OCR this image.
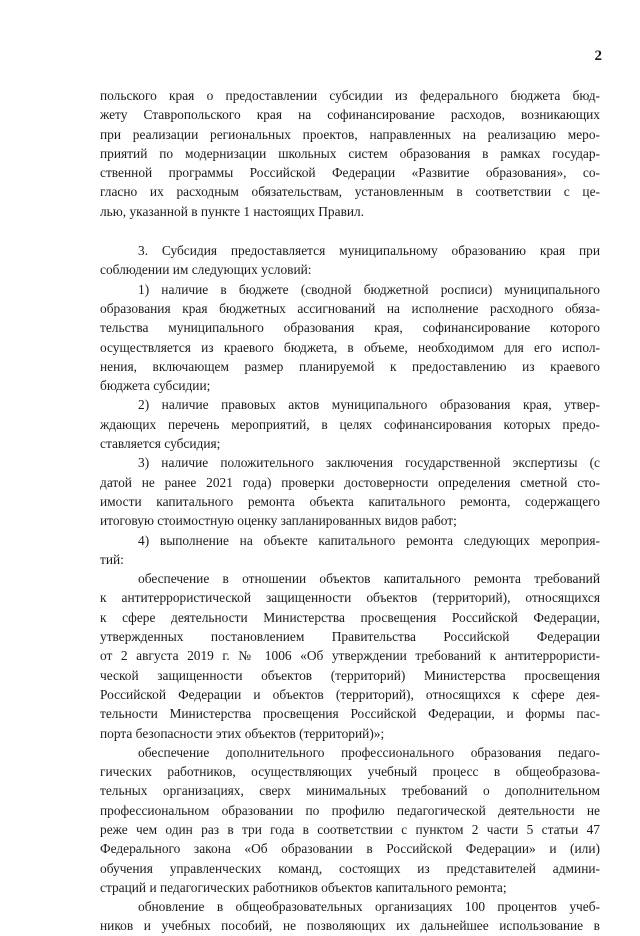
2
польского края о предоставлении субсидии из федерального бюджета бюд-
жету Ставропольского края на софинансирование расходов, возникающих
при реализации региональных проектов, направленных на реализацию меро-
приятий по модернизации школьных систем образования в рамках государ-
ственной программы Российской Федерации «Развитие образования», со-
гласно их расходным обязательствам, установленным в соответствии с це-
лью, указанной в пункте 1 настоящих Правил.
3. Субсидия предоставляется муниципальному образованию края при
соблюдении им следующих условий:
1) наличие в бюджете (сводной бюджетной росписи) муниципального
образования края бюджетных ассигнований на исполнение расходного обяза-
тельства муниципального образования края, софинансирование которого
осуществляется из краевого бюджета, в объеме, необходимом для его испол-
нения, включающем размер планируемой к предоставлению из краевого
бюджета субсидии;
2) наличие правовых актов муниципального образования края, утвер-
ждающих перечень мероприятий, в целях софинансирования которых предо-
ставляется субсидия;
3) наличие положительного заключения государственной экспертизы (с
датой не ранее 2021 года) проверки достоверности определения сметной сто-
имости капитального ремонта объекта капитального ремонта, содержащего
итоговую стоимостную оценку запланированных видов работ;
4) выполнение на объекте капитального ремонта следующих мероприя-
тий:
обеспечение в отношении объектов капитального ремонта требований
к антитеррористической защищенности объектов (территорий), относящихся
к сфере деятельности Министерства просвещения Российской Федерации,
утвержденных постановлением Правительства Российской Федерации
от 2 августа 2019 г. № 1006 «Об утверждении требований к антитеррористи-
ческой защищенности объектов (территорий) Министерства просвещения
Российской Федерации и объектов (территорий), относящихся к сфере дея-
тельности Министерства просвещения Российской Федерации, и формы пас-
порта безопасности этих объектов (территорий)»;
обеспечение дополнительного профессионального образования педаго-
гических работников, осуществляющих учебный процесс в общеобразова-
тельных организациях, сверх минимальных требований о дополнительном
профессиональном образовании по профилю педагогической деятельности не
реже чем один раз в три года в соответствии с пунктом 2 части 5 статьи 47
Федерального закона «Об образовании в Российской Федерации» и (или)
обучения управленческих команд, состоящих из представителей админи-
страций и педагогических работников объектов капитального ремонта;
обновление в общеобразовательных организациях 100 процентов учеб-
ников и учебных пособий, не позволяющих их дальнейшее использование в
